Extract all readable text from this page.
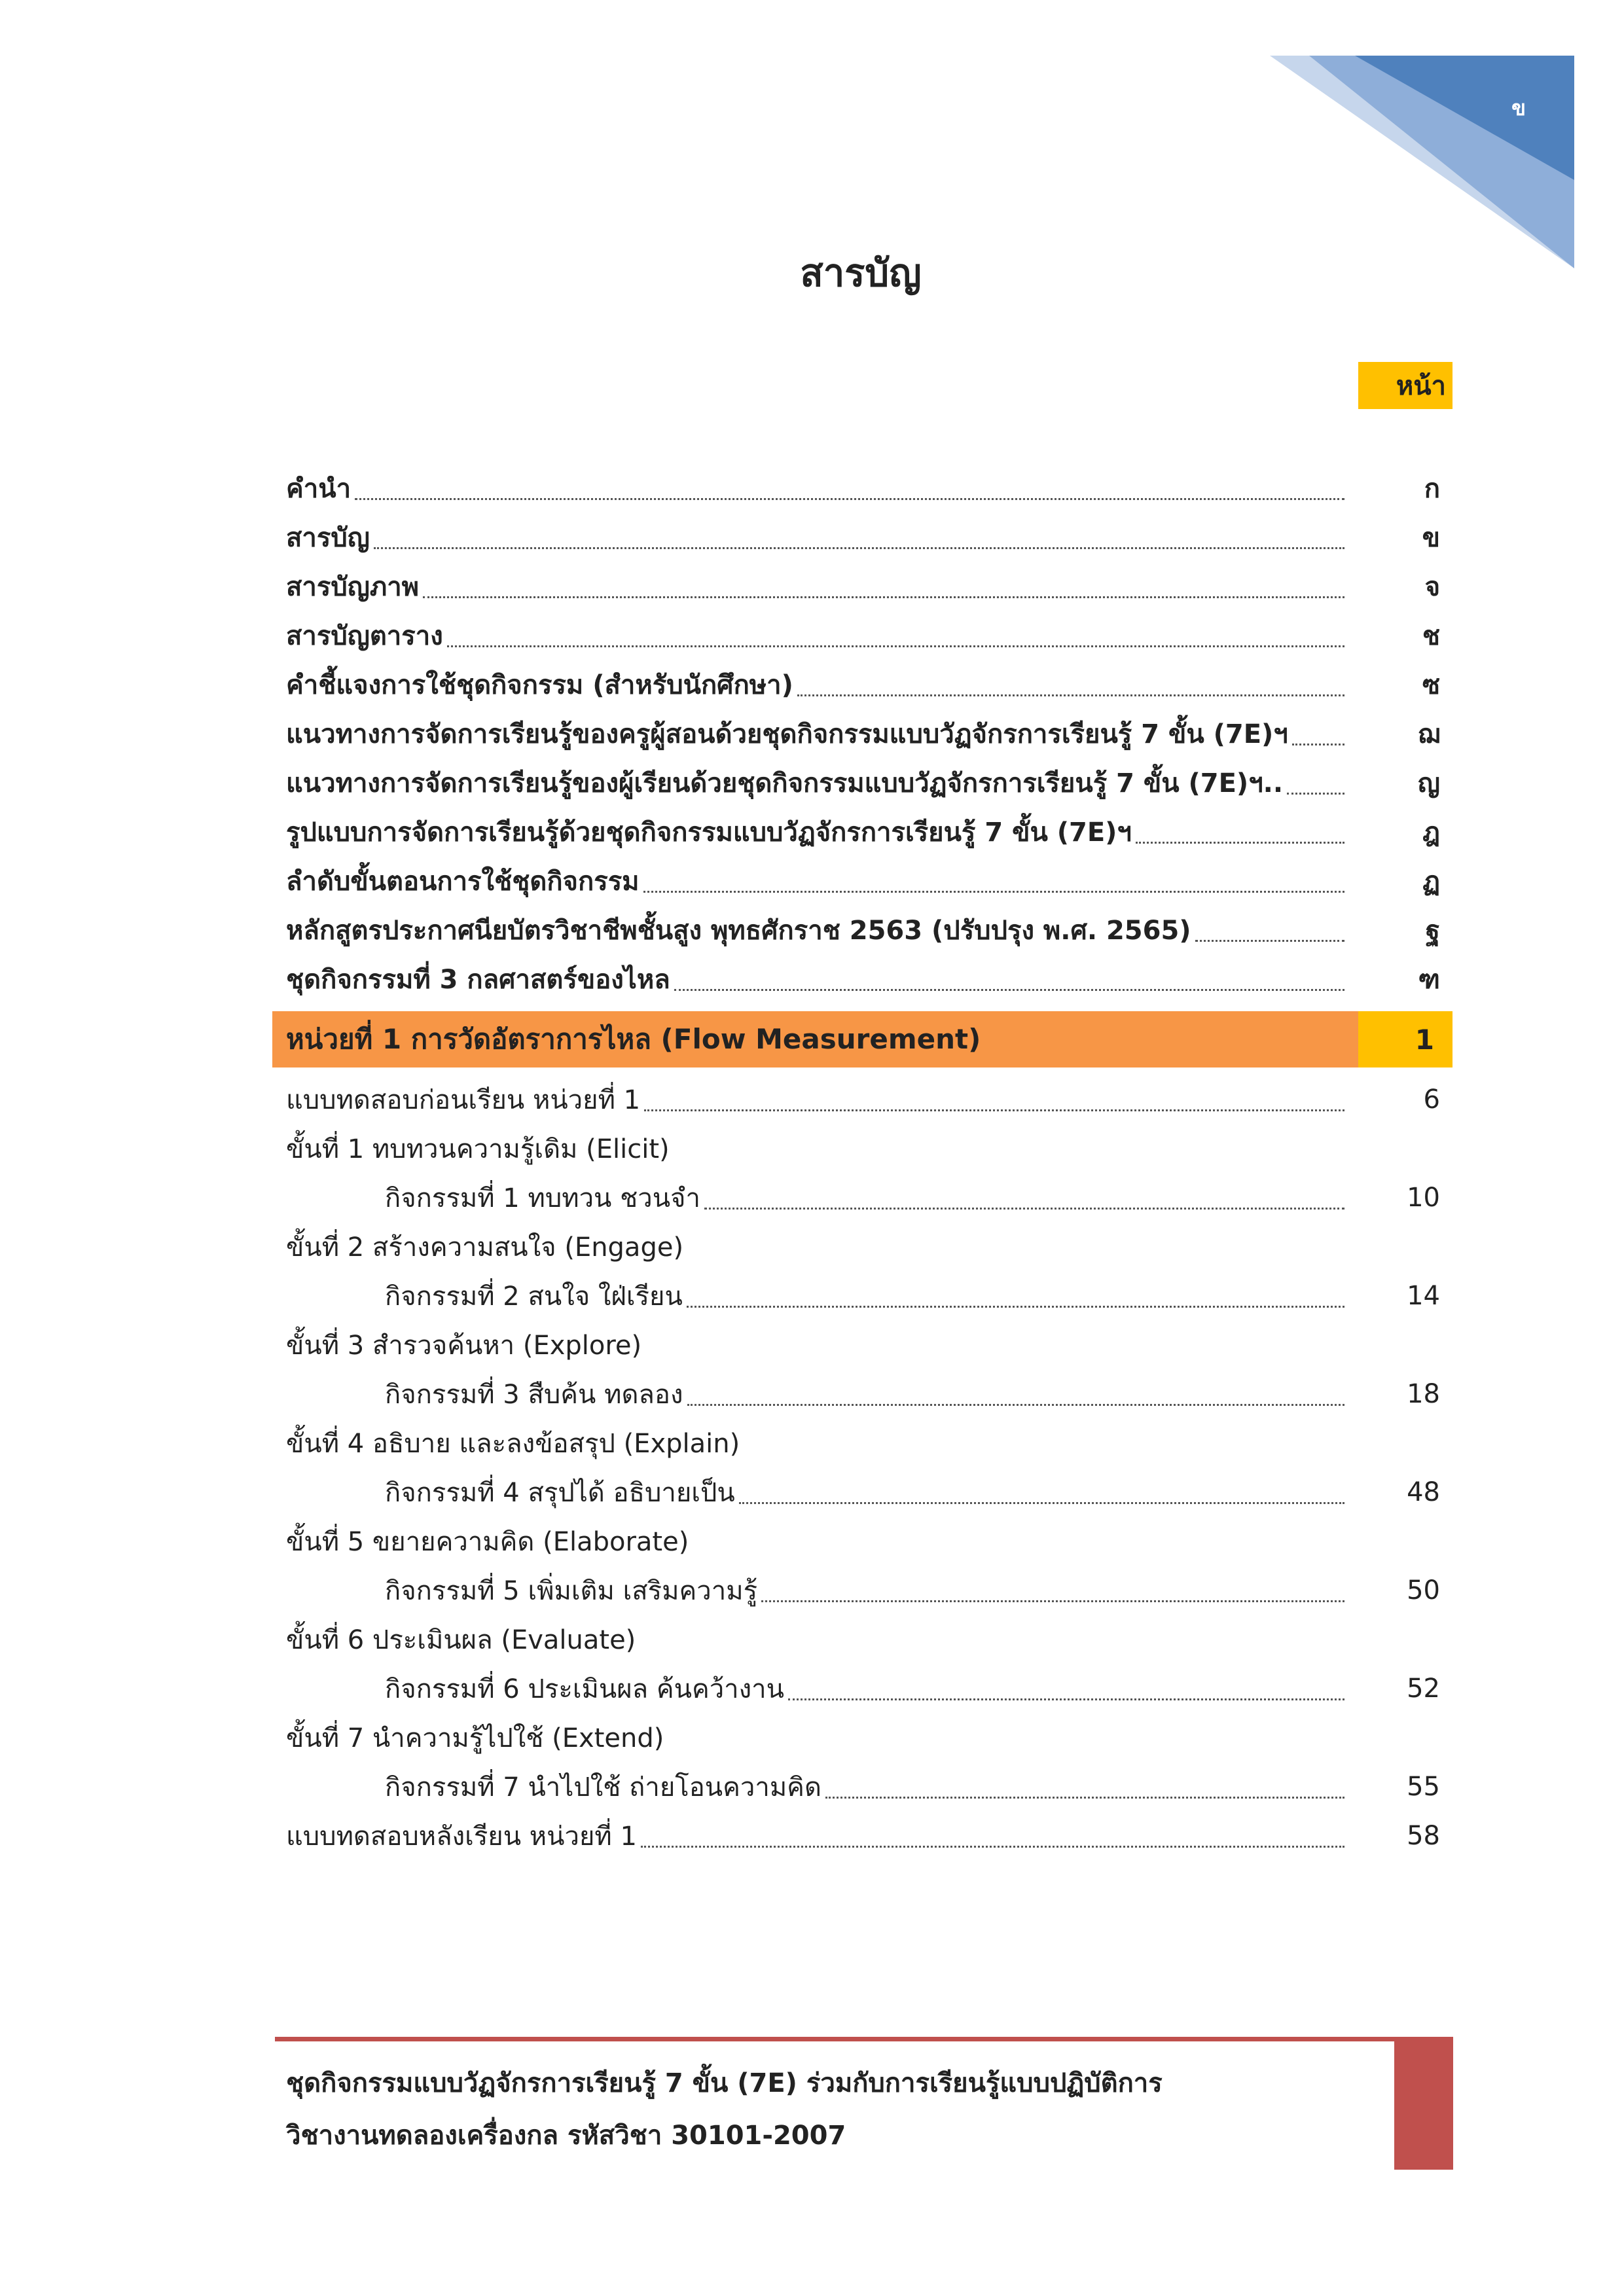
ข
สารบัญ
หน้า
คำนำ	ก
สารบัญ	ข
สารบัญภาพ	จ
สารบัญตาราง	ช
คำชี้แจงการใช้ชุดกิจกรรม (สำหรับนักศึกษา)	ซ
แนวทางการจัดการเรียนรู้ของครูผู้สอนด้วยชุดกิจกรรมแบบวัฏจักรการเรียนรู้ 7 ขั้น (7E)ฯ	ฌ
แนวทางการจัดการเรียนรู้ของผู้เรียนด้วยชุดกิจกรรมแบบวัฏจักรการเรียนรู้ 7 ขั้น (7E)ฯ..	ญ
รูปแบบการจัดการเรียนรู้ด้วยชุดกิจกรรมแบบวัฏจักรการเรียนรู้ 7 ขั้น (7E)ฯ	ฎ
ลำดับขั้นตอนการใช้ชุดกิจกรรม	ฏ
หลักสูตรประกาศนียบัตรวิชาชีพชั้นสูง พุทธศักราช 2563 (ปรับปรุง พ.ศ. 2565)	ฐ
ชุดกิจกรรมที่ 3 กลศาสตร์ของไหล	ฑ
หน่วยที่ 1 การวัดอัตราการไหล (Flow Measurement)	1
แบบทดสอบก่อนเรียน หน่วยที่ 1	6
ขั้นที่ 1 ทบทวนความรู้เดิม (Elicit)
กิจกรรมที่ 1 ทบทวน ชวนจำ	10
ขั้นที่ 2 สร้างความสนใจ (Engage)
กิจกรรมที่ 2 สนใจ ใฝ่เรียน	14
ขั้นที่ 3 สำรวจค้นหา (Explore)
กิจกรรมที่ 3 สืบค้น ทดลอง	18
ขั้นที่ 4 อธิบาย และลงข้อสรุป (Explain)
กิจกรรมที่ 4 สรุปได้ อธิบายเป็น	48
ขั้นที่ 5 ขยายความคิด (Elaborate)
กิจกรรมที่ 5 เพิ่มเติม เสริมความรู้	50
ขั้นที่ 6 ประเมินผล (Evaluate)
กิจกรรมที่ 6 ประเมินผล ค้นคว้างาน	52
ขั้นที่ 7 นำความรู้ไปใช้ (Extend)
กิจกรรมที่ 7 นำไปใช้ ถ่ายโอนความคิด	55
แบบทดสอบหลังเรียน หน่วยที่ 1	58
ชุดกิจกรรมแบบวัฏจักรการเรียนรู้ 7 ขั้น (7E) ร่วมกับการเรียนรู้แบบปฏิบัติการ
วิชางานทดลองเครื่องกล รหัสวิชา 30101-2007
